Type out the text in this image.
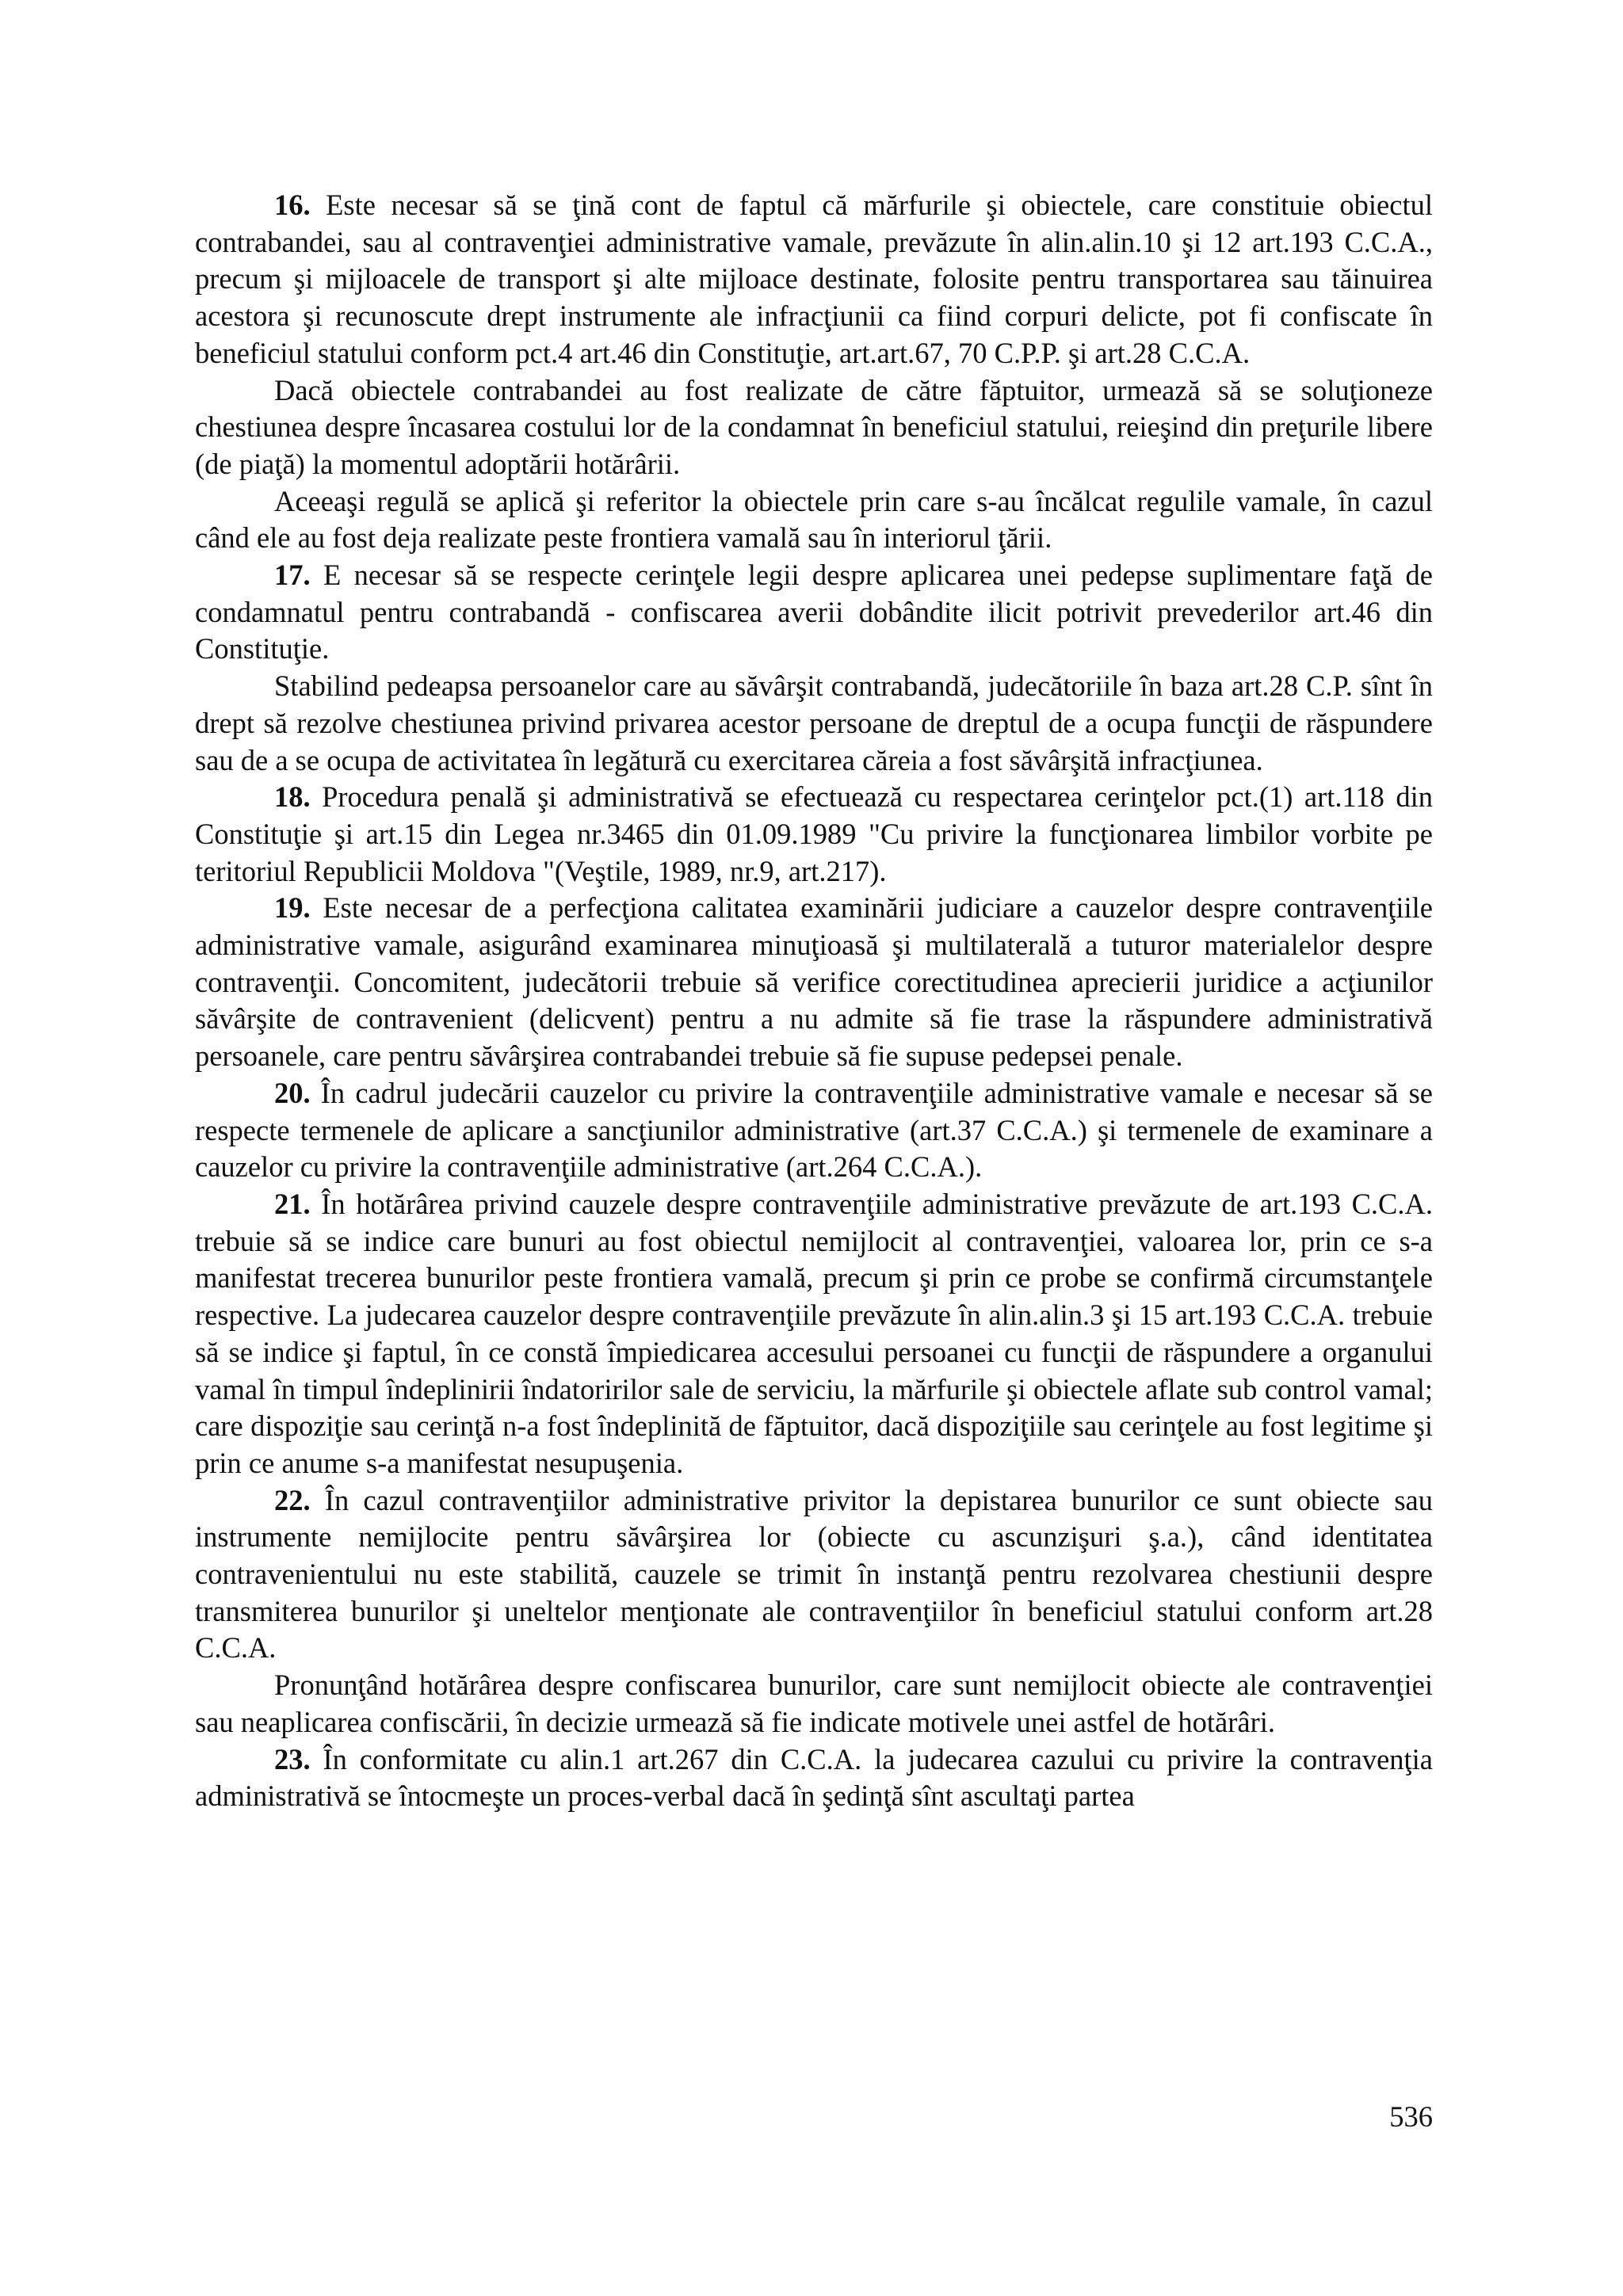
16. Este necesar să se ţină cont de faptul că mărfurile şi obiectele, care constituie obiectul contrabandei, sau al contravenţiei administrative vamale, prevăzute în alin.alin.10 şi 12 art.193 C.C.A., precum şi mijloacele de transport şi alte mijloace destinate, folosite pentru transportarea sau tăinuirea acestora şi recunoscute drept instrumente ale infracţiunii ca fiind corpuri delicte, pot fi confiscate în beneficiul statului conform pct.4 art.46 din Constituţie, art.art.67, 70 C.P.P. şi art.28 C.C.A.

Dacă obiectele contrabandei au fost realizate de către făptuitor, urmează să se soluţioneze chestiunea despre încasarea costului lor de la condamnat în beneficiul statului, reieşind din preţurile libere (de piaţă) la momentul adoptării hotărârii.

Aceeaşi regulă se aplică şi referitor la obiectele prin care s-au încălcat regulile vamale, în cazul când ele au fost deja realizate peste frontiera vamală sau în interiorul ţării.

17. E necesar să se respecte cerinţele legii despre aplicarea unei pedepse suplimentare faţă de condamnatul pentru contrabandă - confiscarea averii dobândite ilicit potrivit prevederilor art.46 din Constituţie.

Stabilind pedeapsa persoanelor care au săvârşit contrabandă, judecătoriile în baza art.28 C.P. sînt în drept să rezolve chestiunea privind privarea acestor persoane de dreptul de a ocupa funcţii de răspundere sau de a se ocupa de activitatea în legătură cu exercitarea căreia a fost săvârşită infracţiunea.

18. Procedura penală şi administrativă se efectuează cu respectarea cerinţelor pct.(1) art.118 din Constituţie şi art.15 din Legea nr.3465 din 01.09.1989 "Cu privire la funcţionarea limbilor vorbite pe teritoriul Republicii Moldova "(Veştile, 1989, nr.9, art.217).

19. Este necesar de a perfecţiona calitatea examinării judiciare a cauzelor despre contravenţiile administrative vamale, asigurând examinarea minuţioasă şi multilaterală a tuturor materialelor despre contravenţii. Concomitent, judecătorii trebuie să verifice corectitudinea aprecierii juridice a acţiunilor săvârşite de contravenient (delicvent) pentru a nu admite să fie trase la răspundere administrativă persoanele, care pentru săvârşirea contrabandei trebuie să fie supuse pedepsei penale.

20. În cadrul judecării cauzelor cu privire la contravenţiile administrative vamale e necesar să se respecte termenele de aplicare a sancţiunilor administrative (art.37 C.C.A.) şi termenele de examinare a cauzelor cu privire la contravenţiile administrative (art.264 C.C.A.).

21. În hotărârea privind cauzele despre contravenţiile administrative prevăzute de art.193 C.C.A. trebuie să se indice care bunuri au fost obiectul nemijlocit al contravenţiei, valoarea lor, prin ce s-a manifestat trecerea bunurilor peste frontiera vamală, precum şi prin ce probe se confirmă circumstanţele respective. La judecarea cauzelor despre contravenţiile prevăzute în alin.alin.3 şi 15 art.193 C.C.A. trebuie să se indice şi faptul, în ce constă împiedicarea accesului persoanei cu funcţii de răspundere a organului vamal în timpul îndeplinirii îndatoririlor sale de serviciu, la mărfurile şi obiectele aflate sub control vamal; care dispoziţie sau cerinţă n-a fost îndeplinită de făptuitor, dacă dispoziţiile sau cerinţele au fost legitime şi prin ce anume s-a manifestat nesupuşenia.

22. În cazul contravenţiilor administrative privitor la depistarea bunurilor ce sunt obiecte sau instrumente nemijlocite pentru săvârşirea lor (obiecte cu ascunzişuri ş.a.), când identitatea contravenientului nu este stabilită, cauzele se trimit în instanţă pentru rezolvarea chestiunii despre transmiterea bunurilor şi uneltelor menţionate ale contravenţiilor în beneficiul statului conform art.28 C.C.A.

Pronunţând hotărârea despre confiscarea bunurilor, care sunt nemijlocit obiecte ale contravenţiei sau neaplicarea confiscării, în decizie urmează să fie indicate motivele unei astfel de hotărâri.

23. În conformitate cu alin.1 art.267 din C.C.A. la judecarea cazului cu privire la contravenţia administrativă se întocmeşte un proces-verbal dacă în şedinţă sînt ascultaţi partea

536
